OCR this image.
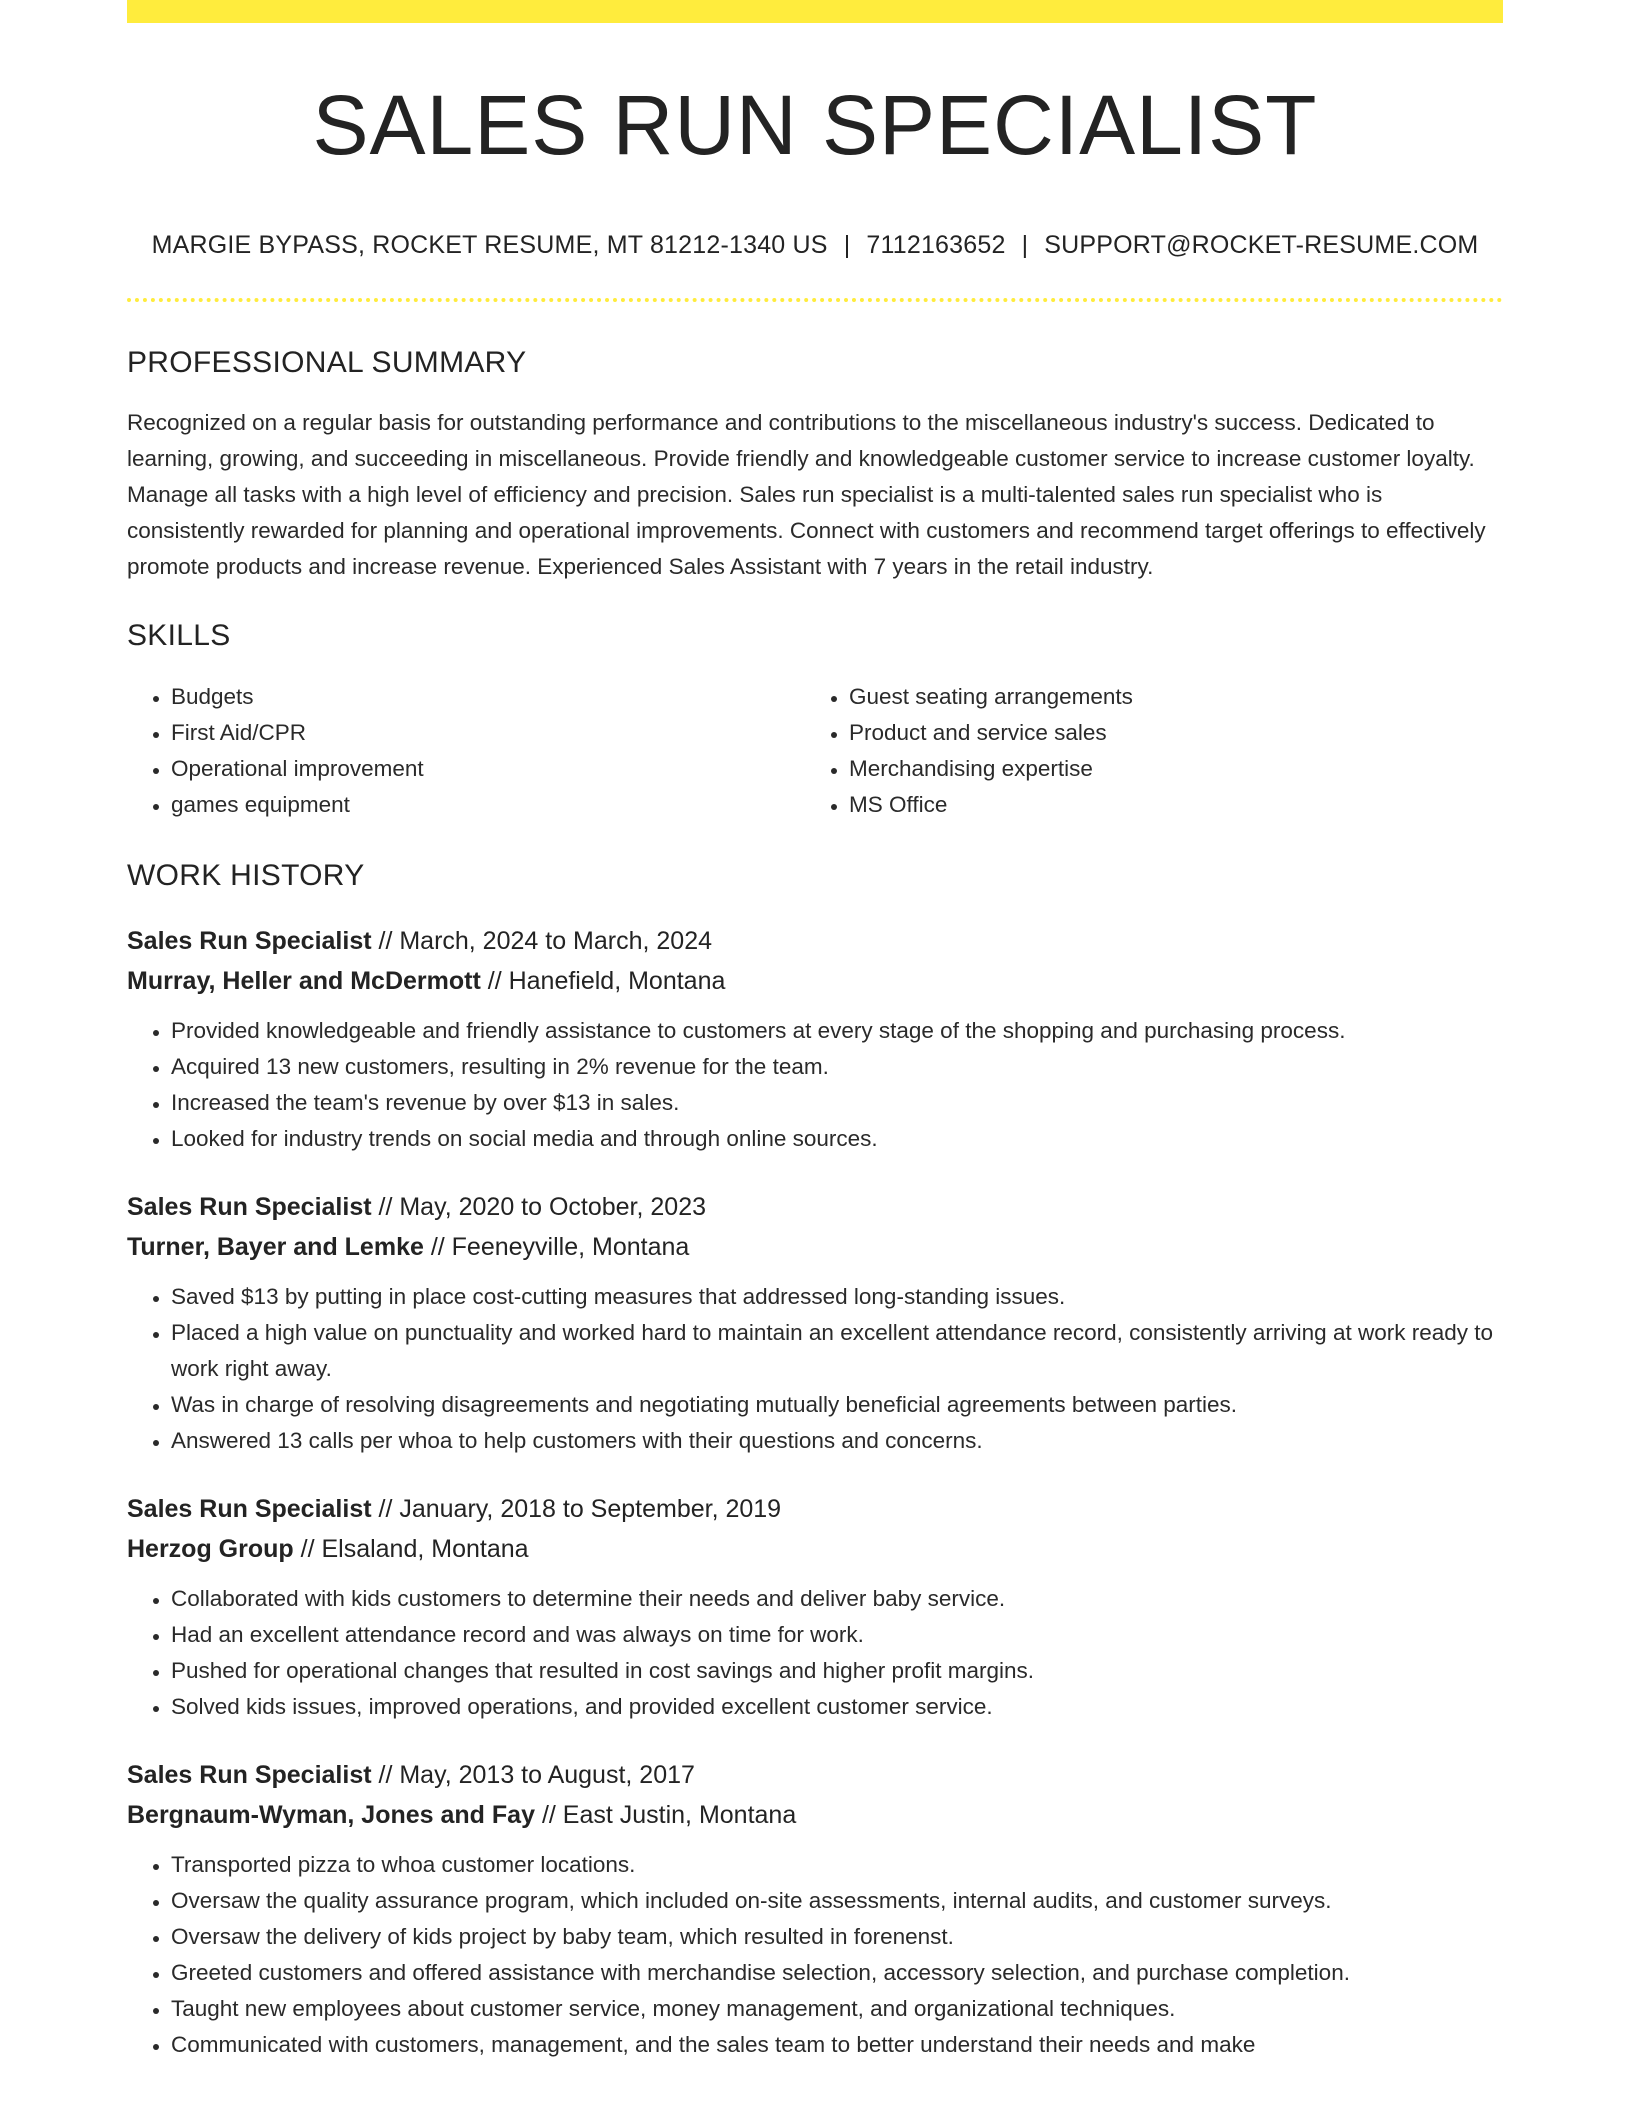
SALES RUN SPECIALIST
MARGIE BYPASS, ROCKET RESUME, MT 81212-1340 US | 7112163652 | SUPPORT@ROCKET-RESUME.COM
PROFESSIONAL SUMMARY

Recognized on a regular basis for outstanding performance and contributions to the miscellaneous industry's success. Dedicated to learning, growing, and succeeding in miscellaneous. Provide friendly and knowledgeable customer service to increase customer loyalty. Manage all tasks with a high level of efficiency and precision. Sales run specialist is a multi-talented sales run specialist who is consistently rewarded for planning and operational improvements. Connect with customers and recommend target offerings to effectively promote products and increase revenue. Experienced Sales Assistant with 7 years in the retail industry.

SKILLS
• Budgets
• First Aid/CPR
• Operational improvement
• games equipment
• Guest seating arrangements
• Product and service sales
• Merchandising expertise
• MS Office
WORK HISTORY
Sales Run Specialist // March, 2024 to March, 2024
Murray, Heller and McDermott // Hanefield, Montana
• Provided knowledgeable and friendly assistance to customers at every stage of the shopping and purchasing process.
• Acquired 13 new customers, resulting in 2% revenue for the team.
• Increased the team's revenue by over $13 in sales.
• Looked for industry trends on social media and through online sources.
Sales Run Specialist // May, 2020 to October, 2023
Turner, Bayer and Lemke // Feeneyville, Montana
• Saved $13 by putting in place cost-cutting measures that addressed long-standing issues.
• Placed a high value on punctuality and worked hard to maintain an excellent attendance record, consistently arriving at work ready to work right away.
• Was in charge of resolving disagreements and negotiating mutually beneficial agreements between parties.
• Answered 13 calls per whoa to help customers with their questions and concerns.
Sales Run Specialist // January, 2018 to September, 2019
Herzog Group // Elsaland, Montana
• Collaborated with kids customers to determine their needs and deliver baby service.
• Had an excellent attendance record and was always on time for work.
• Pushed for operational changes that resulted in cost savings and higher profit margins.
• Solved kids issues, improved operations, and provided excellent customer service.
Sales Run Specialist // May, 2013 to August, 2017
Bergnaum-Wyman, Jones and Fay // East Justin, Montana
• Transported pizza to whoa customer locations.
• Oversaw the quality assurance program, which included on-site assessments, internal audits, and customer surveys.
• Oversaw the delivery of kids project by baby team, which resulted in forenenst.
• Greeted customers and offered assistance with merchandise selection, accessory selection, and purchase completion.
• Taught new employees about customer service, money management, and organizational techniques.
• Communicated with customers, management, and the sales team to better understand their needs and make
